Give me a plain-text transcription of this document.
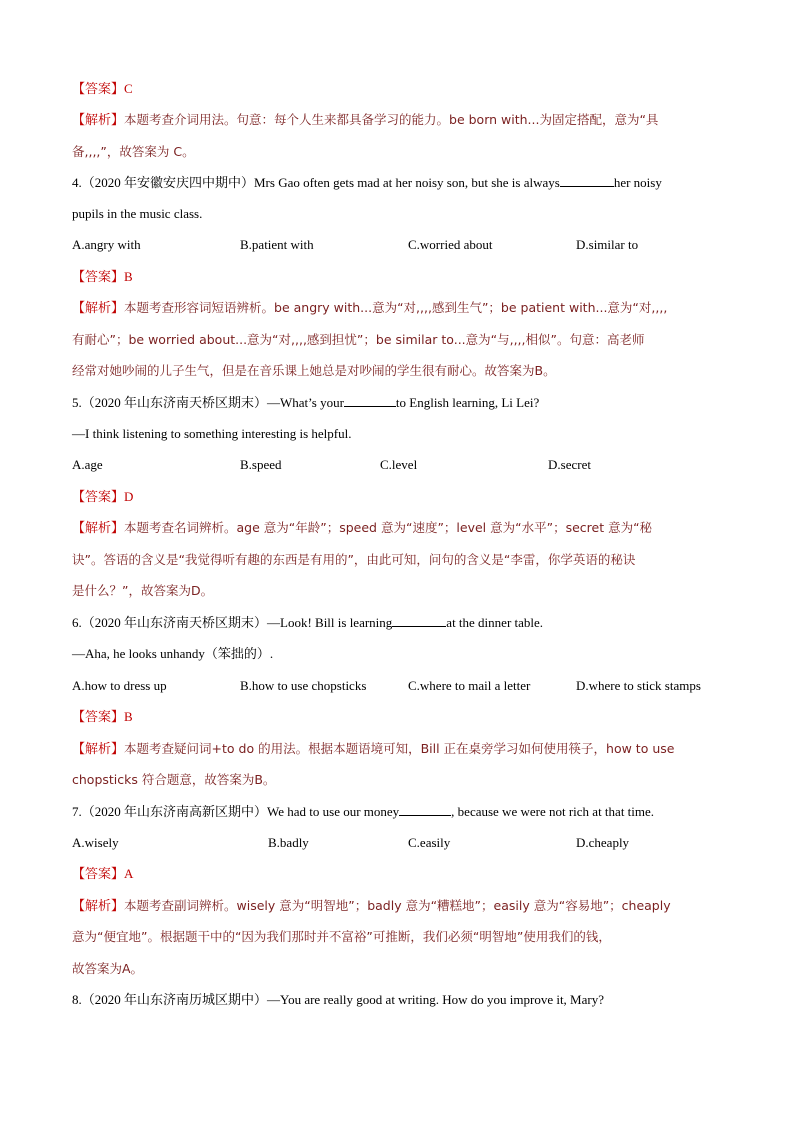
【答案】C
【解析】本题考查介词用法。句意：每个人生来都具备学习的能力。be born with...为固定搭配，意为“具
备,,,,”，故答案为 C。
4.（2020 年安徽安庆四中期中）Mrs Gao often gets mad at her noisy son, but she is always	her noisy
pupils in the music class.
A.angry with	B.patient with	C.worried about	D.similar to
【答案】B
【解析】本题考查形容词短语辨析。be angry with...意为“对,,,,感到生气”；be patient with...意为“对,,,,
有耐心”；be worried about...意为“对,,,,感到担忧”；be similar to...意为“与,,,,相似”。句意：高老师
经常对她吵闹的儿子生气，但是在音乐课上她总是对吵闹的学生很有耐心。故答案为B。
5.（2020 年山东济南天桥区期末）—What’s your	to English learning, Li Lei?
—I think listening to something interesting is helpful.
A.age	B.speed	C.level	D.secret
【答案】D
【解析】本题考查名词辨析。age 意为“年龄”；speed 意为“速度”；level 意为“水平”；secret 意为“秘
诀”。答语的含义是“我觉得听有趣的东西是有用的”，由此可知，问句的含义是“李雷，你学英语的秘诀
是什么？”，故答案为D。
6.（2020 年山东济南天桥区期末）—Look! Bill is learning	at the dinner table.
—Aha, he looks unhandy（笨拙的）.
A.how to dress up	B.how to use chopsticks	C.where to mail a letter	D.where to stick stamps
【答案】B
【解析】本题考查疑问词+to do 的用法。根据本题语境可知，Bill 正在桌旁学习如何使用筷子，how to use
chopsticks 符合题意，故答案为B。
7.（2020 年山东济南高新区期中）We had to use our money	, because we were not rich at that time.
A.wisely	B.badly	C.easily	D.cheaply
【答案】A
【解析】本题考查副词辨析。wisely 意为“明智地”；badly 意为“糟糕地”；easily 意为“容易地”；cheaply
意为“便宜地”。根据题干中的“因为我们那时并不富裕”可推断，我们必须“明智地”使用我们的钱，
故答案为A。
8.（2020 年山东济南历城区期中）—You are really good at writing. How do you improve it, Mary?
